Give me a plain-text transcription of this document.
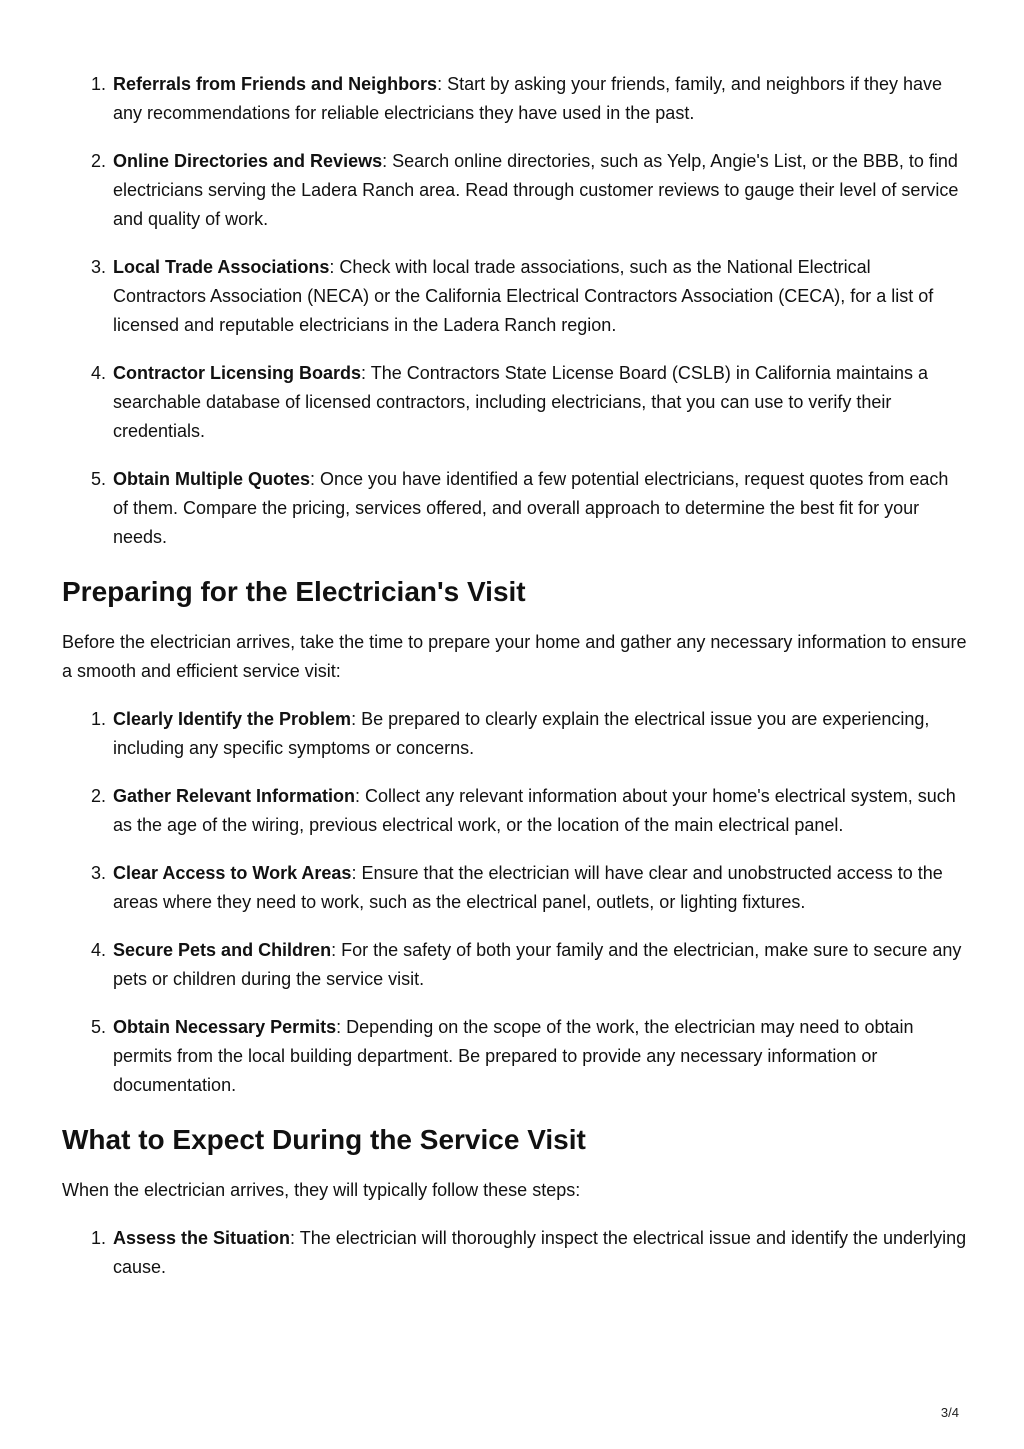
1. Referrals from Friends and Neighbors: Start by asking your friends, family, and neighbors if they have any recommendations for reliable electricians they have used in the past.
2. Online Directories and Reviews: Search online directories, such as Yelp, Angie's List, or the BBB, to find electricians serving the Ladera Ranch area. Read through customer reviews to gauge their level of service and quality of work.
3. Local Trade Associations: Check with local trade associations, such as the National Electrical Contractors Association (NECA) or the California Electrical Contractors Association (CECA), for a list of licensed and reputable electricians in the Ladera Ranch region.
4. Contractor Licensing Boards: The Contractors State License Board (CSLB) in California maintains a searchable database of licensed contractors, including electricians, that you can use to verify their credentials.
5. Obtain Multiple Quotes: Once you have identified a few potential electricians, request quotes from each of them. Compare the pricing, services offered, and overall approach to determine the best fit for your needs.
Preparing for the Electrician's Visit

Before the electrician arrives, take the time to prepare your home and gather any necessary information to ensure a smooth and efficient service visit:

1. Clearly Identify the Problem: Be prepared to clearly explain the electrical issue you are experiencing, including any specific symptoms or concerns.
2. Gather Relevant Information: Collect any relevant information about your home's electrical system, such as the age of the wiring, previous electrical work, or the location of the main electrical panel.
3. Clear Access to Work Areas: Ensure that the electrician will have clear and unobstructed access to the areas where they need to work, such as the electrical panel, outlets, or lighting fixtures.
4. Secure Pets and Children: For the safety of both your family and the electrician, make sure to secure any pets or children during the service visit.
5. Obtain Necessary Permits: Depending on the scope of the work, the electrician may need to obtain permits from the local building department. Be prepared to provide any necessary information or documentation.
What to Expect During the Service Visit

When the electrician arrives, they will typically follow these steps:

1. Assess the Situation: The electrician will thoroughly inspect the electrical issue and identify the underlying cause.
3/4
